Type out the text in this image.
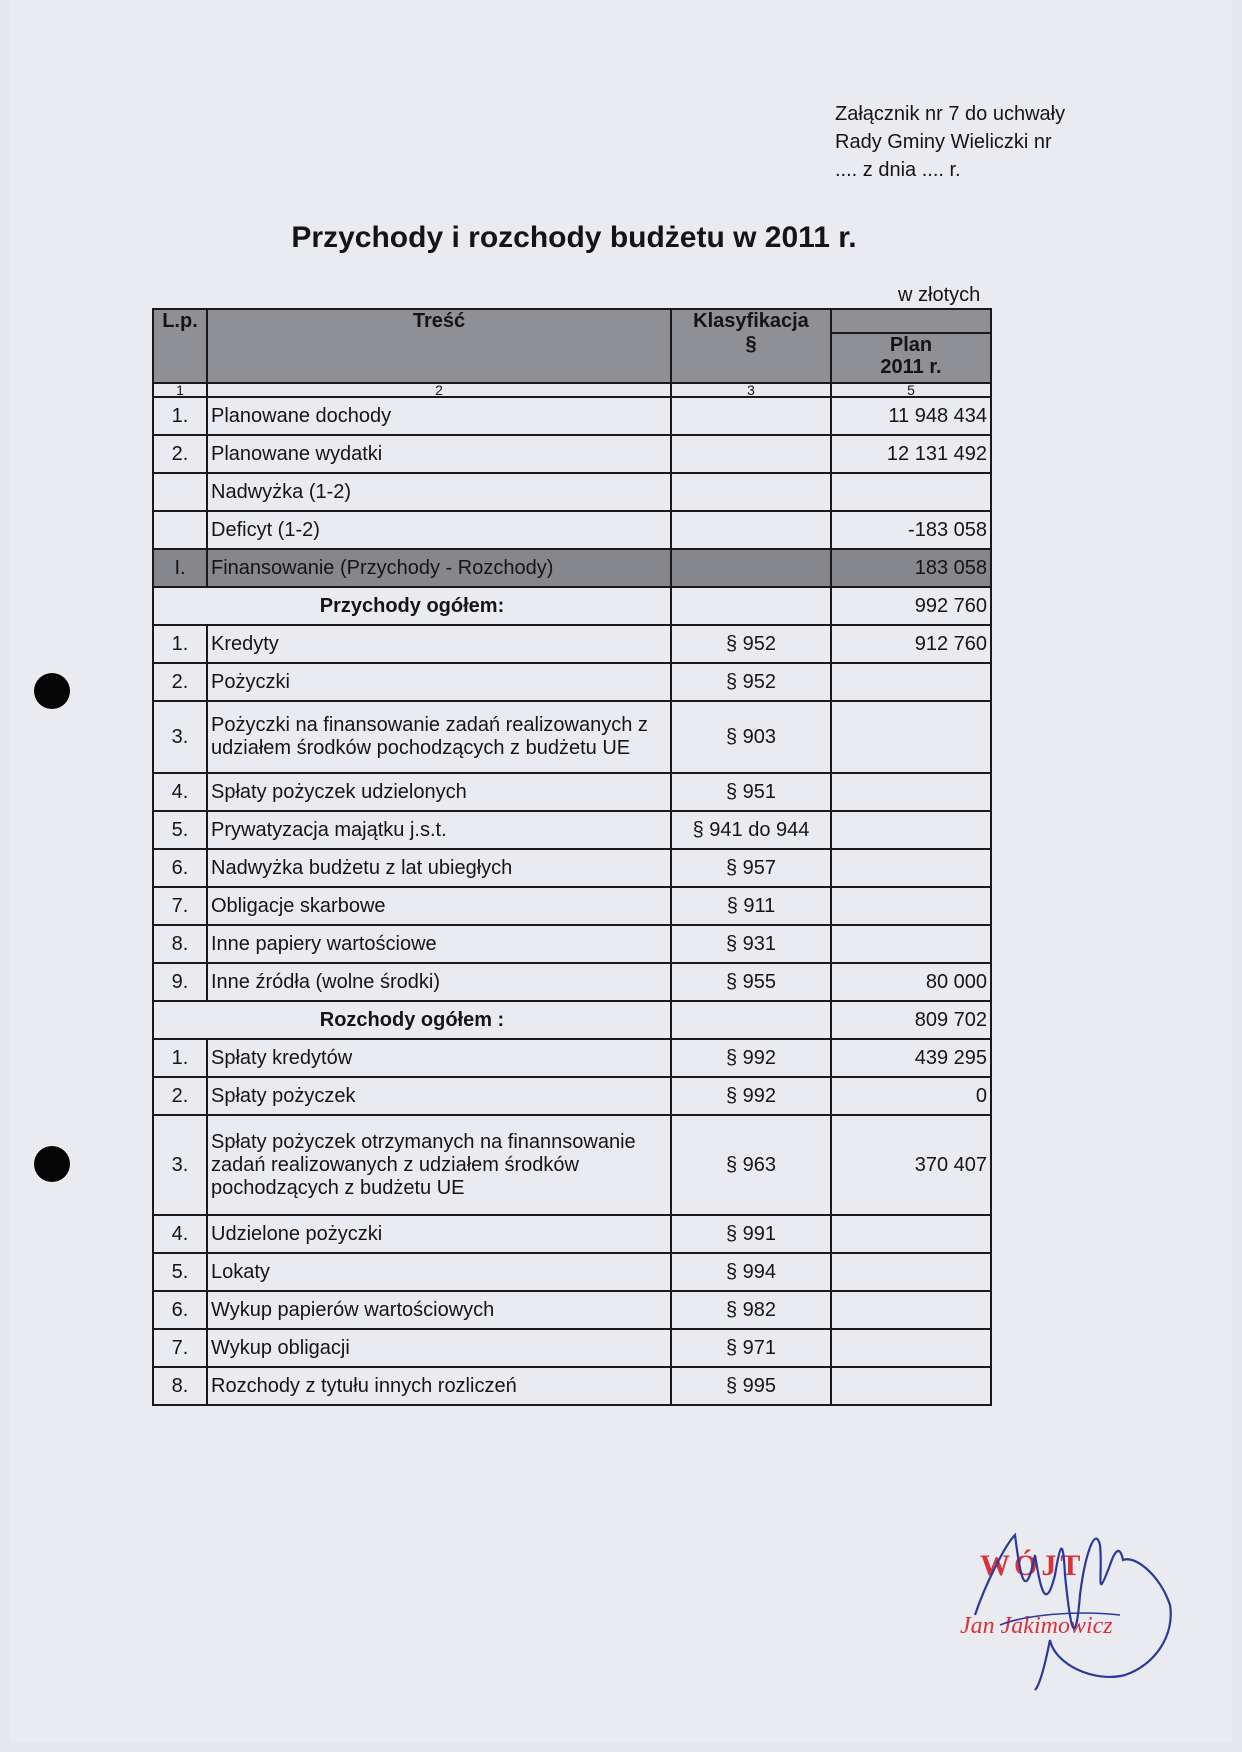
Załącznik nr 7 do uchwały
Rady Gminy Wieliczki nr
.... z dnia .... r.
Przychody i rozchody budżetu w 2011 r.
w złotych
L.p.	Treść	Klasyfikacja
§	

			Plan
2011 r.

1	2	3	5
1.	Planowane dochody		11 948 434
2.	Planowane wydatki		12 131 492
	Nadwyżka (1-2)		
	Deficyt (1-2)		-183 058
I.	Finansowanie (Przychody - Rozchody)		183 058
Przychody ogółem:			992 760
1.	Kredyty	§ 952	912 760
2.	Pożyczki	§ 952	
3.	Pożyczki na finansowanie zadań realizowanych z udziałem środków pochodzących z budżetu UE	§ 903	
4.	Spłaty pożyczek udzielonych	§ 951	
5.	Prywatyzacja majątku j.s.t.	§ 941 do 944	
6.	Nadwyżka budżetu z lat ubiegłych	§ 957	
7.	Obligacje skarbowe	§ 911	
8.	Inne papiery wartościowe	§ 931	
9.	Inne źródła (wolne środki)	§ 955	80 000
Rozchody ogółem :			809 702
1.	Spłaty kredytów	§ 992	439 295
2.	Spłaty pożyczek	§ 992	0
3.	Spłaty pożyczek otrzymanych na finannsowanie zadań realizowanych z udziałem środków pochodzących z budżetu UE	§ 963	370 407
4.	Udzielone pożyczki	§ 991	
5.	Lokaty	§ 994	
6.	Wykup papierów wartościowych	§ 982	
7.	Wykup obligacji	§ 971	
8.	Rozchody z tytułu innych rozliczeń	§ 995	
WÓJT
Jan Jakimowicz
